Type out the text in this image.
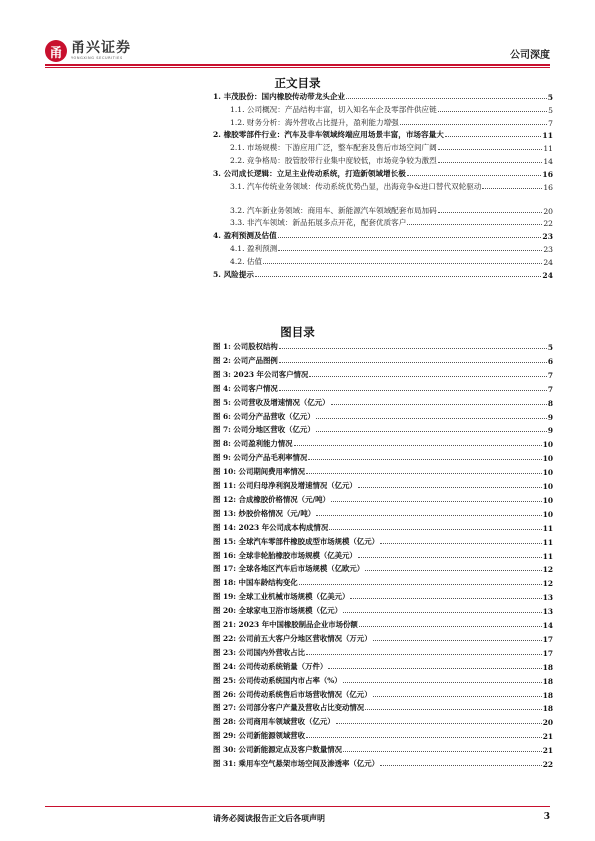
甬 甬兴证券
YONGXING SECURITIES	公司深度
正文目录
1. 丰茂股份：国内橡胶传动带龙头企业	5
1.1. 公司概况：产品结构丰富，切入知名车企及零部件供应链	5
1.2. 财务分析：海外营收占比提升，盈利能力增强	7
2. 橡胶零部件行业：汽车及非车领域终端应用场景丰富，市场容量大	11
2.1. 市场规模：下游应用广泛，整车配套及售后市场空间广阔	11
2.2. 竞争格局：胶管胶带行业集中度较低，市场竞争较为激烈	14
3. 公司成长逻辑：立足主业传动系统，打造新领域增长极	16
3.1. 汽车传统业务领域：传动系统优势凸显，出海竞争&进口替代双轮驱动	16
3.2. 汽车新业务领域：商用车、新能源汽车领域配套布局加码	20
3.3. 非汽车领域：新品拓展多点开花，配套优质客户	22
4. 盈利预测及估值	23
4.1. 盈利预测	23
4.2. 估值	24
5. 风险提示	24
图目录
图 1: 公司股权结构	5
图 2: 公司产品图例	6
图 3: 2023 年公司客户情况	7
图 4: 公司客户情况	7
图 5: 公司营收及增速情况（亿元）	8
图 6: 公司分产品营收（亿元）	9
图 7: 公司分地区营收（亿元）	9
图 8: 公司盈利能力情况	10
图 9: 公司分产品毛利率情况	10
图 10: 公司期间费用率情况	10
图 11: 公司归母净利润及增速情况（亿元）	10
图 12: 合成橡胶价格情况（元/吨）	10
图 13: 炒胶价格情况（元/吨）	10
图 14: 2023 年公司成本构成情况	11
图 15: 全球汽车零部件橡胶成型市场规模（亿元）	11
图 16: 全球非轮胎橡胶市场规模（亿美元）	11
图 17: 全球各地区汽车后市场规模（亿欧元）	12
图 18: 中国车龄结构变化	12
图 19: 全球工业机械市场规模（亿美元）	13
图 20: 全球家电卫浴市场规模（亿元）	13
图 21: 2023 年中国橡胶制品企业市场份额	14
图 22: 公司前五大客户分地区营收情况（万元）	17
图 23: 公司国内外营收占比	17
图 24: 公司传动系统销量（万件）	18
图 25: 公司传动系统国内市占率（%）	18
图 26: 公司传动系统售后市场营收情况（亿元）	18
图 27: 公司部分客户产量及营收占比变动情况	18
图 28: 公司商用车领域营收（亿元）	20
图 29: 公司新能源领域营收	21
图 30: 公司新能源定点及客户数量情况	21
图 31: 乘用车空气悬架市场空间及渗透率（亿元）	22
请务必阅读报告正文后各项声明	3
